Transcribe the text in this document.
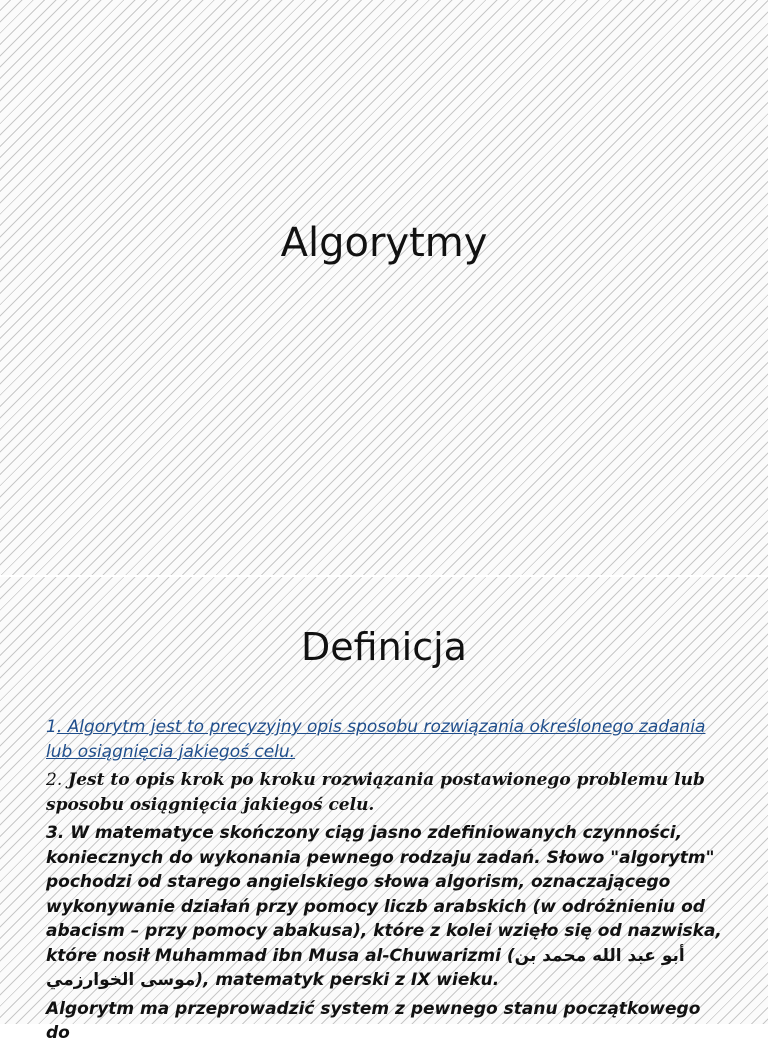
Algorytmy
Definicja

1. Algorytm jest to precyzyjny opis sposobu rozwiązania określonego zadania lub osiągnięcia jakiegoś celu.

2. Jest to opis krok po kroku rozwiązania postawionego problemu lub sposobu osiągnięcia jakiegoś celu.

3. W matematyce skończony ciąg jasno zdefiniowanych czynności, koniecznych do wykonania pewnego rodzaju zadań. Słowo "algorytm" pochodzi od starego angielskiego słowa algorism, oznaczającego wykonywanie działań przy pomocy liczb arabskich (w odróżnieniu od abacism – przy pomocy abakusa), które z kolei wzięło się od nazwiska, które nosił Muhammad ibn Musa al-Chuwarizmi (أبو عبد الله محمد بن موسى الخوارزمي), matematyk perski z IX wieku.

Algorytm ma przeprowadzić system z pewnego stanu początkowego do
